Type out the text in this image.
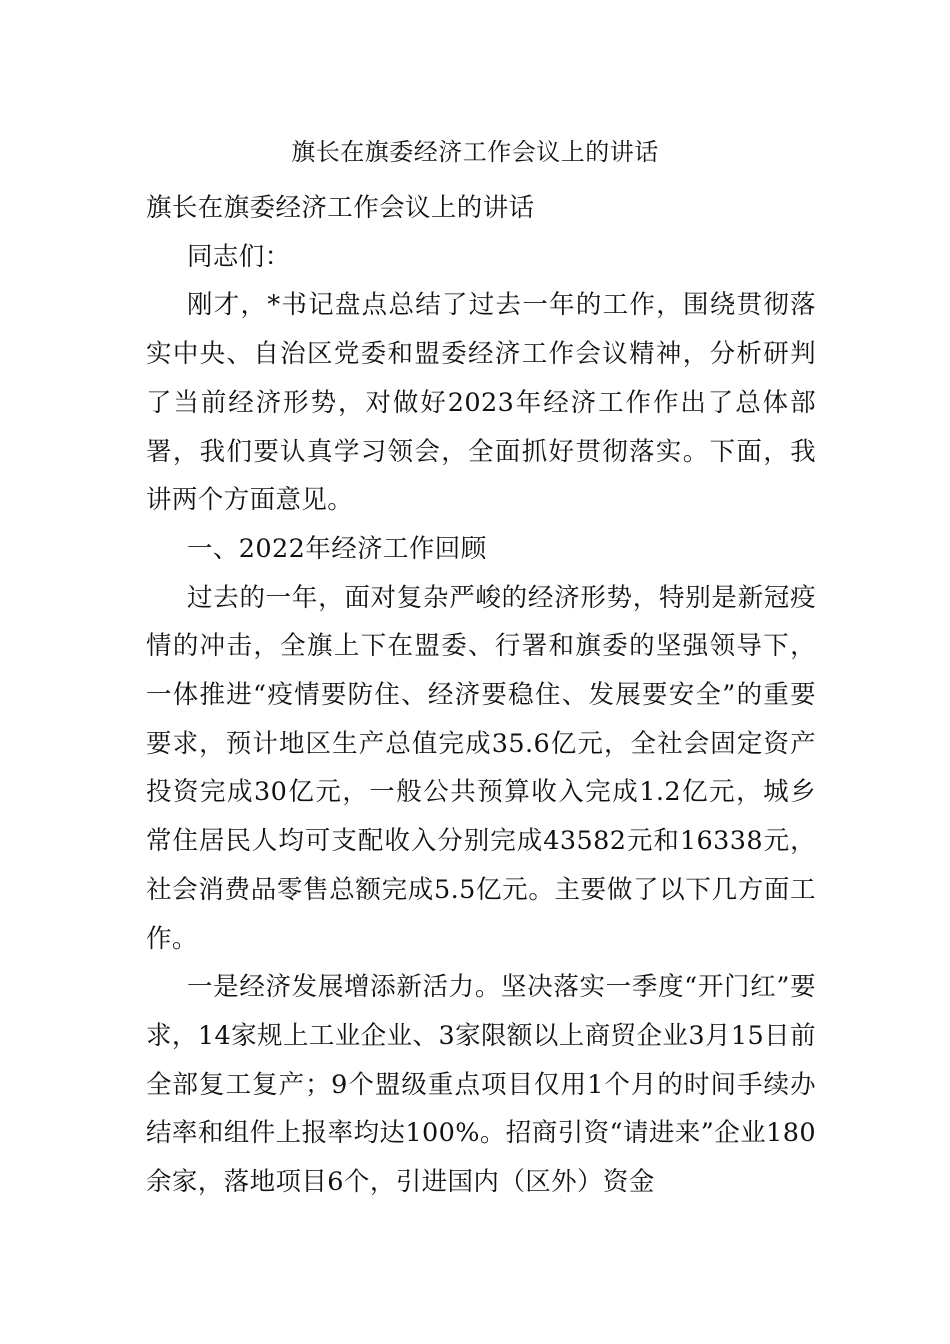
旗长在旗委经济工作会议上的讲话

旗长在旗委经济工作会议上的讲话

同志们：

刚才，*书记盘点总结了过去一年的工作，围绕贯彻落实中央、自治区党委和盟委经济工作会议精神，分析研判了当前经济形势，对做好2023年经济工作作出了总体部署，我们要认真学习领会，全面抓好贯彻落实。下面，我讲两个方面意见。

一、2022年经济工作回顾

过去的一年，面对复杂严峻的经济形势，特别是新冠疫情的冲击，全旗上下在盟委、行署和旗委的坚强领导下，一体推进“疫情要防住、经济要稳住、发展要安全”的重要要求，预计地区生产总值完成35.6亿元，全社会固定资产投资完成30亿元，一般公共预算收入完成1.2亿元，城乡常住居民人均可支配收入分别完成43582元和16338元，社会消费品零售总额完成5.5亿元。主要做了以下几方面工作。

一是经济发展增添新活力。坚决落实一季度“开门红”要求，14家规上工业企业、3家限额以上商贸企业3月15日前全部复工复产；9个盟级重点项目仅用1个月的时间手续办结率和组件上报率均达100%。招商引资“请进来”企业180余家，落地项目6个，引进国内（区外）资金
